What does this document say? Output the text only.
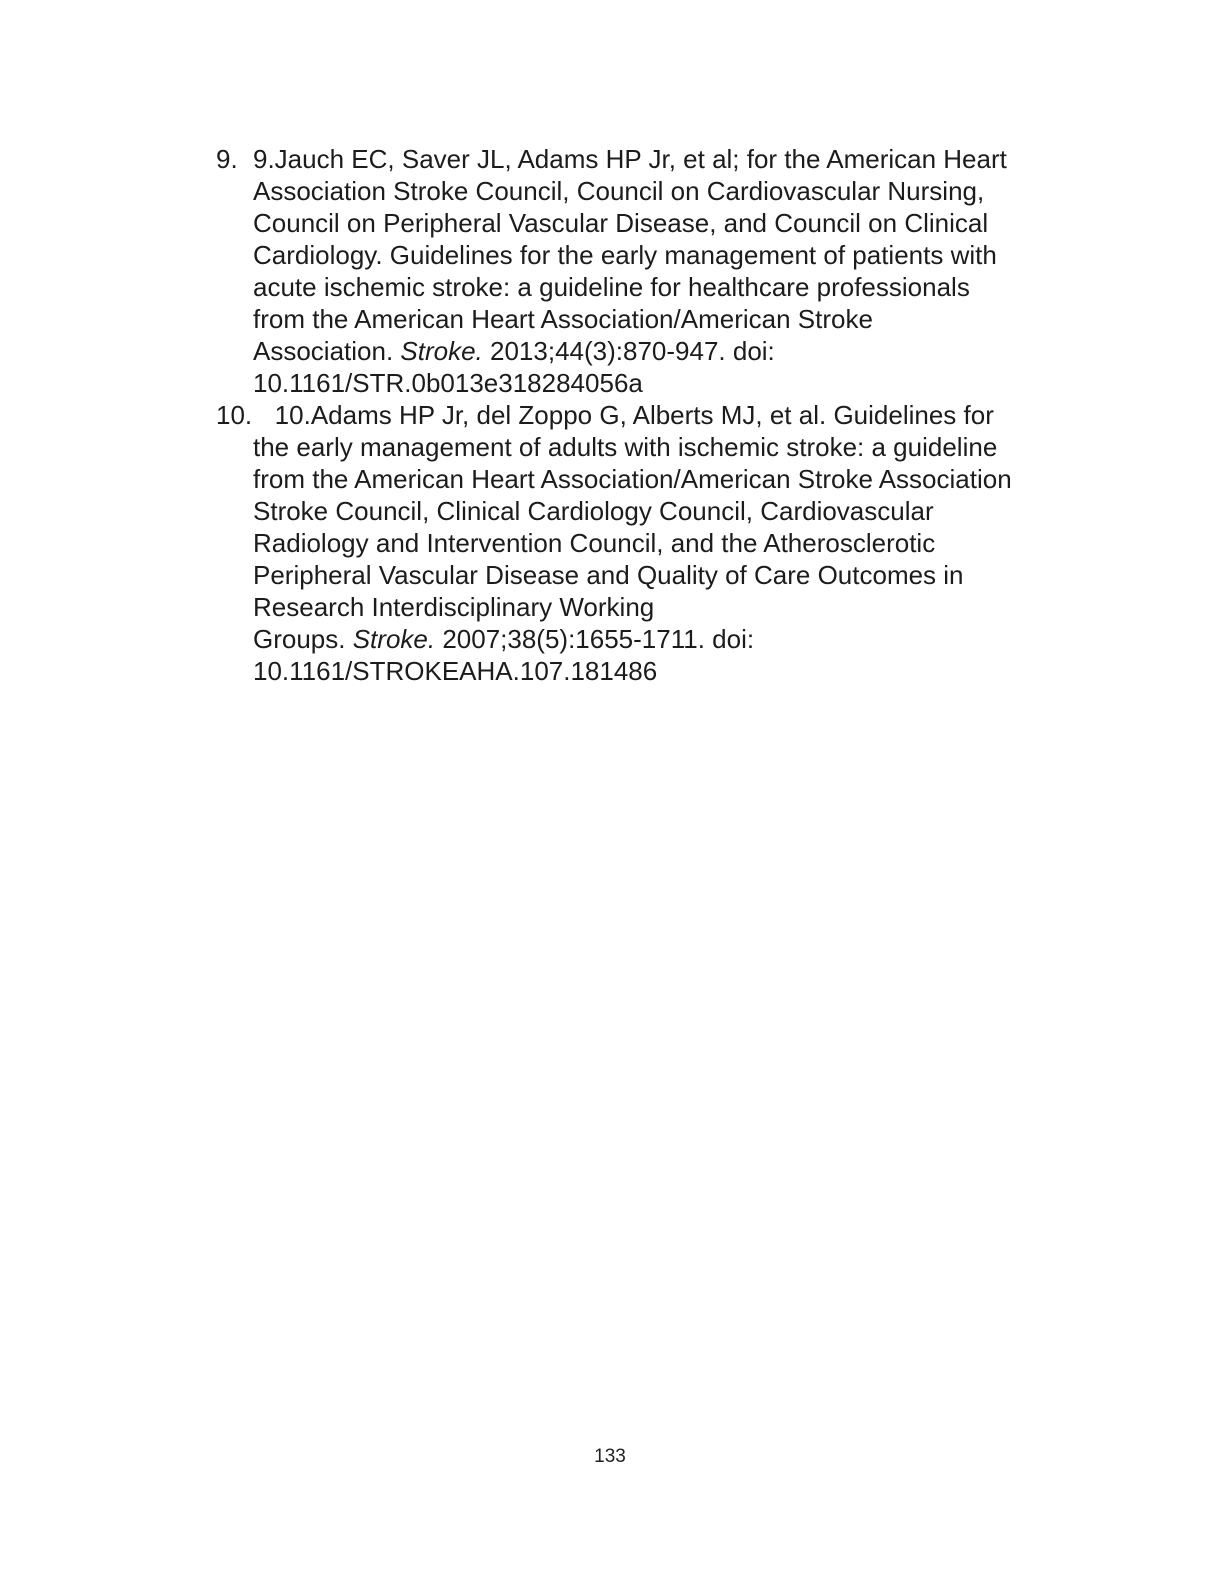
9. 9.Jauch EC, Saver JL, Adams HP Jr, et al; for the American Heart
Association Stroke Council, Council on Cardiovascular Nursing,
Council on Peripheral Vascular Disease, and Council on Clinical
Cardiology. Guidelines for the early management of patients with
acute ischemic stroke: a guideline for healthcare professionals
from the American Heart Association/American Stroke
Association. Stroke. 2013;44(3):870-947. doi:
10.1161/STR.0b013e318284056a
10. 10.Adams HP Jr, del Zoppo G, Alberts MJ, et al. Guidelines for
the early management of adults with ischemic stroke: a guideline
from the American Heart Association/American Stroke Association
Stroke Council, Clinical Cardiology Council, Cardiovascular
Radiology and Intervention Council, and the Atherosclerotic
Peripheral Vascular Disease and Quality of Care Outcomes in
Research Interdisciplinary Working
Groups. Stroke. 2007;38(5):1655-1711. doi:
10.1161/STROKEAHA.107.181486
133
